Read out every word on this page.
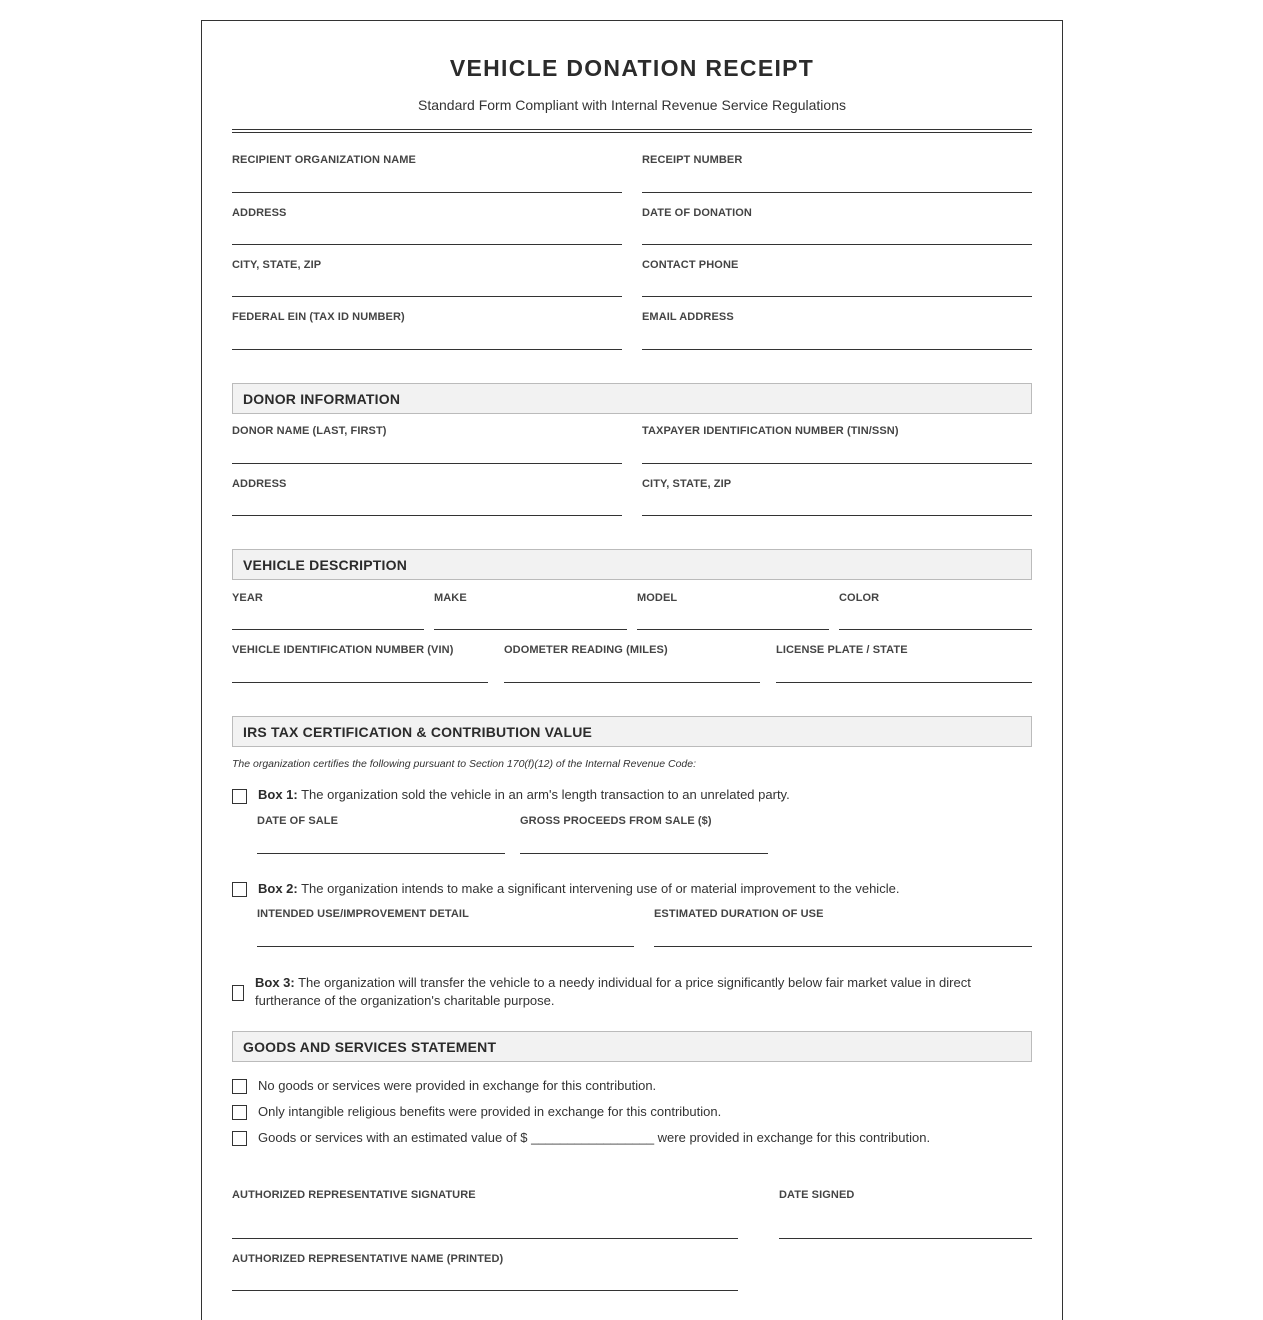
VEHICLE DONATION RECEIPT
Standard Form Compliant with Internal Revenue Service Regulations
RECIPIENT ORGANIZATION NAME	RECEIPT NUMBER
ADDRESS	DATE OF DONATION
CITY, STATE, ZIP	CONTACT PHONE
FEDERAL EIN (TAX ID NUMBER)	EMAIL ADDRESS
DONOR INFORMATION
DONOR NAME (LAST, FIRST)	TAXPAYER IDENTIFICATION NUMBER (TIN/SSN)
ADDRESS	CITY, STATE, ZIP
VEHICLE DESCRIPTION
YEAR	MAKE	MODEL	COLOR
VEHICLE IDENTIFICATION NUMBER (VIN)	ODOMETER READING (MILES)	LICENSE PLATE / STATE
IRS TAX CERTIFICATION & CONTRIBUTION VALUE
The organization certifies the following pursuant to Section 170(f)(12) of the Internal Revenue Code:
Box 1: The organization sold the vehicle in an arm's length transaction to an unrelated party.
DATE OF SALE	GROSS PROCEEDS FROM SALE ($)
Box 2: The organization intends to make a significant intervening use of or material improvement to the vehicle.
INTENDED USE/IMPROVEMENT DETAIL	ESTIMATED DURATION OF USE
Box 3: The organization will transfer the vehicle to a needy individual for a price significantly below fair market value in direct furtherance of the organization's charitable purpose.
GOODS AND SERVICES STATEMENT
No goods or services were provided in exchange for this contribution.
Only intangible religious benefits were provided in exchange for this contribution.
Goods or services with an estimated value of $ _________________ were provided in exchange for this contribution.
AUTHORIZED REPRESENTATIVE SIGNATURE	DATE SIGNED
AUTHORIZED REPRESENTATIVE NAME (PRINTED)
